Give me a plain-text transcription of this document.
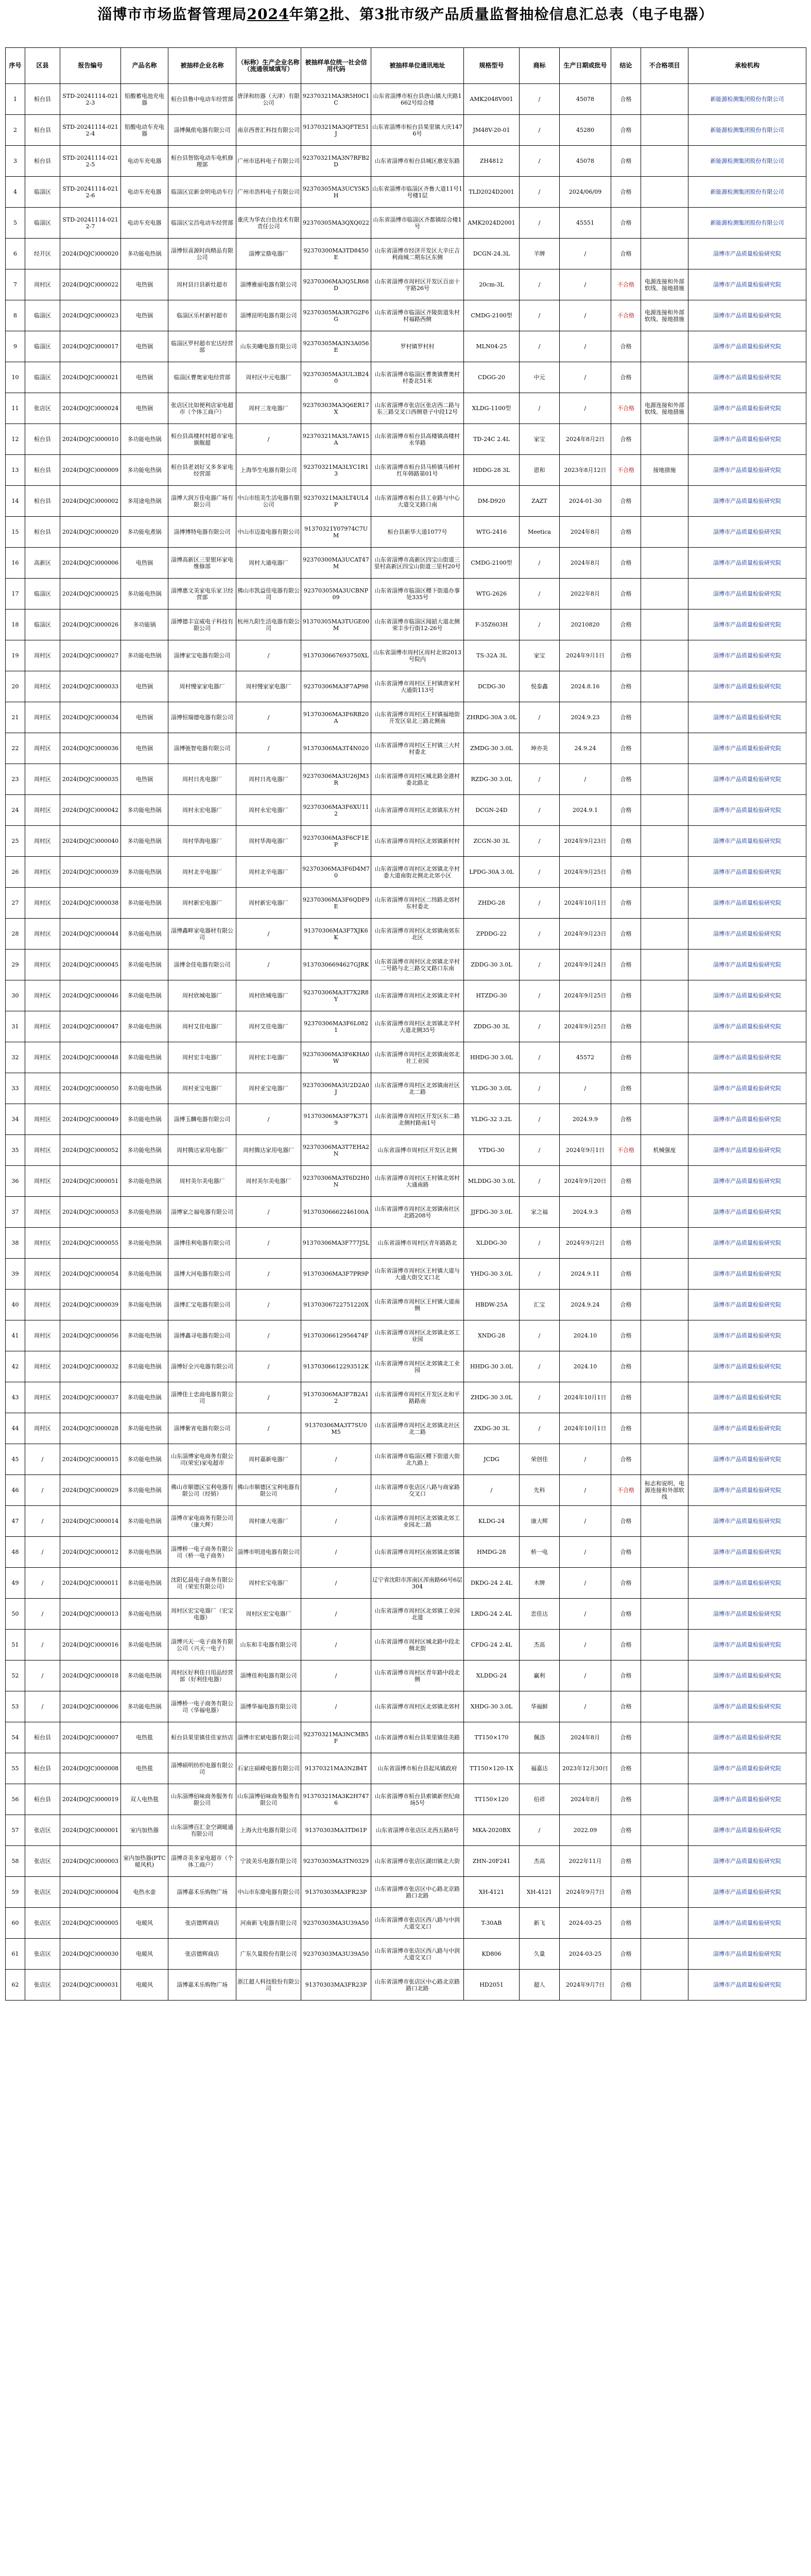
淄博市市场监督管理局2024年第2批、第3批市级产品质量监督抽检信息汇总表（电子电器）
序号	区县	报告编号	产品名称	被抽样企业名称	（标称）生产企业名称（流通领域填写）	被抽样单位统一社会信用代码	被抽样单位通讯地址	规格型号	商标	生产日期或批号	结论	不合格项目	承检机构
1	桓台县	STD-20241114-0212-3	铅酸蓄电池充电器	桓台县鲁中电动车经营部	唐泽和纺器（天津）有限公司	92370321MA3R5H0C1C	山东省淄博市桓台县唐山镇大庆路1662号综合楼	AMK2048V001	/	45078	合格		新能源检测集团股份有限公司
2	桓台县	STD-20241114-0212-4	铅酸电动车充电器	淄博佩侬电器有限公司	南京西普汇科技有限公司	91370321MA3QFTE51J	山东省淄博市桓台县果里镇大庆1476号	JM48V-20-01	/	45280	合格		新能源检测集团股份有限公司
3	桓台县	STD-20241114-0212-5	电动车充电器	桓台县智铭电动车电机修理部	广州市迅科电子有限公司	92370321MA3N7RFB2D	山东省淄博市桓台县城区惠安东路	ZH4812	/	45078	合格		新能源检测集团股份有限公司
4	临淄区	STD-20241114-0212-6	电动车充电器	临淄区宜新金明电动车行	广州市浩科电子有限公司	92370305MA3UCY5K5H	山东省淄博市临淄区齐鲁大道11号1号楼1层	TLD2024D2001	/	2024/06/09	合格		新能源检测集团股份有限公司
5	临淄区	STD-20241114-0212-7	电动车充电器	临淄区宝昌电动车经营部	重庆为华农白色技术有限责任公司	92370305MA3QXQ022	山东省淄博市临淄区齐都镇综合楼1号	AMK2024D2001	/	45551	合格		新能源检测集团股份有限公司
6	经开区	2024(DQJC)000020	多功能电热锅	淄博恒喜源时尚精品有限公司	淄博宝鼎电器厂	92370300MA3TD8450E	山东省淄博市经济开发区大辛庄吉利商城二期东区东侧	DCGN-24.3L	羊牌	/	合格		淄博市产品质量检验研究院
7	周村区	2024(DQJC)000022	电热锅	周村县日县新灶超市	淄博雅丽电器有限公司	92370306MA3Q5LR68D	山东省淄博市周村区开发区百亩十宇路26号	20cm-3L	/	/	不合格	电源连接和外部软线、接地措施	淄博市产品质量检验研究院
8	临淄区	2024(DQJC)000023	电热锅	临淄区乐村新村超市	淄博昆明电器有限公司	92370305MA3R7G2F6G	山东省淄博市临淄区齐陵街道朱村村福路西侧	CMDG-2100型	/	/	不合格	电源连接和外部软线、接地措施	淄博市产品质量检验研究院
9	临淄区	2024(DQJC)000017	电热锅	临淄区罗村超市宏达经营部	山东美曦电器有限公司	92370305MA3N3A056E	罗村镇罗村村	MLN04-25	/	/	合格		淄博市产品质量检验研究院
10	临淄区	2024(DQJC)000021	电热锅	临淄区曹奥家电经营部	周村区中元电器厂	92370305MA3UL3B240	山东省淄博市临淄区曹奥镇曹奥村村委北51米	CDGG-20	中元	/	合格		淄博市产品质量检验研究院
11	张店区	2024(DQJC)000024	电热锅	张店区比如便利店家电超市（个体工商户）	周村三龙电器厂	92370303MA3Q6ER17X	山东省淄博市张店区张店西二路与东三路交叉口西侧巷子中段12号	XLDG-1100型	/	/	不合格	电源连接和外部软线、接地措施	淄博市产品质量检验研究院
12	桓台县	2024(DQJC)000010	多功能电热锅	桓台县高楼村村超市家电旗舰超	/	92370321MA3L7AW15A	山东省淄博市桓台县高楼镇高楼村永华路	TD-24C 2.4L	家宝	2024年8月2日	合格		淄博市产品质量检验研究院
13	桓台县	2024(DQJC)000009	多功能电热锅	桓台县老刘好又多多家电经营部	上海华生电器有限公司	92370321MA3LYC1R13	山东省淄博市桓台县马桥镇马桥村红年韩路第01号	HDDG-28 3L	恩和	2023年8月12日	不合格	接地措施	淄博市产品质量检验研究院
14	桓台县	2024(DQJC)000002	多用途电热锅	淄博大润万佳电器广场有限公司	中山市纽美生活电器有限公司	92370321MA3LT4UL4P	山东省淄博市桓台县工业路与中心大道交叉路口南	DM-D920	ZAZT	2024-01-30	合格		淄博市产品质量检验研究院
15	桓台县	2024(DQJC)000020	多功能电煮锅	淄博博特电器有限公司	中山市迈盈电器有限公司	91370321Y07974C7UM	桓台县新华大道1077号	WTG-2416	Meetica	2024年8月	合格		淄博市产品质量检验研究院
16	高新区	2024(DQJC)000006	电热锅	淄博高新区三里银环家电维修部	周村大通电器厂	92370300MA3UCAT47M	山东省淄博市高新区四宝山街道三里村高新区四宝山街道三里村20号	CMDG-2100型	/	2024年8月	合格		淄博市产品质量检验研究院
17	临淄区	2024(DQJC)000025	多功能电热锅	淄博惠文美家电乐家卫经营部	佛山市凯益佳电器有限公司	92370305MA3UCBNP09	山东省淄博市临淄区稷下街道办事处335号	WTG-2626	/	2022年8月	合格		淄博市产品质量检验研究院
18	临淄区	2024(DQJC)000026	多功能锅	淄博德丰宣威电子科技有限公司	杭州九阳生活电器有限公司	91370305MA3TUGE00M	山东省淄博市临淄区闻韶大道北侧荣丰步行街12-26号	F-35Z603H	/	20210820	合格		淄博市产品质量检验研究院
19	周村区	2024(DQJC)000027	多功能电热锅	淄博家宝电器有限公司	/	9137030667693750XL	山东省淄博市周村区周村北郊2013号院内	TS-32A 3L	家宝	2024年9月1日	合格		淄博市产品质量检验研究院
20	周村区	2024(DQJC)000033	电热锅	周村慢家家电器厂	周村慢家家电器厂	92370306MA3F7AP98	山东省淄博市周村区王村镇唐家村大通街113号	DCDG-30	悦泰鑫	2024.8.16	合格		淄博市产品质量检验研究院
21	周村区	2024(DQJC)000034	电热锅	淄博恒瑞德电器有限公司	/	91370306MA3F6RB20A	山东省淄博市周村区王村镇福地街开发区泉北三路北侧南	ZHRDG-30A 3.0L	/	2024.9.23	合格		淄博市产品质量检验研究院
22	周村区	2024(DQJC)000036	电热锅	淄博弛智电器有限公司	/	91370306MA3T4N020	山东省淄博市周村区王村镇三大村村委北	ZMDG-30 3.0L	坤亦美	24.9.24	合格		淄博市产品质量检验研究院
23	周村区	2024(DQJC)000035	电热锅	周村日兆电器厂	周村日兆电器厂	92370306MA3U26JM3R	山东省淄博市周村区城北路金港村委北路北	RZDG-30 3.0L	/	/	合格		淄博市产品质量检验研究院
24	周村区	2024(DQJC)000042	多功能电热锅	周村永宏电器厂	周村永宏电器厂	92370306MA3F6XU112	山东省淄博市周村区北郊镇东方村	DCGN-24D	/	2024.9.1	合格		淄博市产品质量检验研究院
25	周村区	2024(DQJC)000040	多功能电热锅	周村华海电器厂	周村华海电器厂	92370306MA3F6CF1EP	山东省淄博市周村区北郊镇新村村	ZCGN-30 3L	/	2024年9月23日	合格		淄博市产品质量检验研究院
26	周村区	2024(DQJC)000039	多功能电热锅	周村北辛电器厂	周村北辛电器厂	92370306MA3F6D4M70	山东省淄博市周村区北郊镇北辛村委大道南街北侧北北郊小区	LPDG-30A 3.0L	/	2024年9月25日	合格		淄博市产品质量检验研究院
27	周村区	2024(DQJC)000038	多功能电热锅	周村新宏电器厂	周村新宏电器厂	92370306MA3F6QDF9E	山东省淄博市周村区二纬路北郊村东村委北	ZHDG-28	/	2024年10月1日	合格		淄博市产品质量检验研究院
28	周村区	2024(DQJC)000044	多功能电热锅	淄博鑫畔家电器材有限公司	/	91370306MA3F7XJK6K	山东省淄博市周村区北郊镇南郊东北区	ZPDDG-22	/	2024年9月23日	合格		淄博市产品质量检验研究院
29	周村区	2024(DQJC)000045	多功能电热锅	淄博金佳电器有限公司	/	91370306694627GJRK	山东省淄博市周村区北郊镇北辛村二号路与北三路交叉路口东南	ZDDG-30 3.0L	/	2024年9月24日	合格		淄博市产品质量检验研究院
30	周村区	2024(DQJC)000046	多功能电热锅	周村欣城电器厂	周村欣城电器厂	92370306MA3T7X2R8Y	山东省淄博市周村区北郊镇北辛村	HTZDG-30	/	2024年9月25日	合格		淄博市产品质量检验研究院
31	周村区	2024(DQJC)000047	多功能电热锅	周村艾佳电器厂	周村艾佳电器厂	92370306MA3F6L0821	山东省淄博市周村区北郊镇北辛村大道北侧35号	ZDDG-30 3L	/	2024年9月25日	合格		淄博市产品质量检验研究院
32	周村区	2024(DQJC)000048	多功能电热锅	周村宏丰电器厂	周村宏丰电器厂	92370306MA3F6KHA0W	山东省淄博市周村区北郊镇南郊北社工业园	HHDG-30 3.0L	/	45572	合格		淄博市产品质量检验研究院
33	周村区	2024(DQJC)000050	多功能电热锅	周村亚宝电器厂	周村亚宝电器厂	92370306MA3U2D2A0J	山东省淄博市周村区北郊镇南社区北二路	YLDG-30 3.0L	/	/	合格		淄博市产品质量检验研究院
34	周村区	2024(DQJC)000049	多功能电热锅	淄博玉麟电器有限公司	/	91370306MA3F7K3719	山东省淄博市周村区开发区东二路北侧村路南1号	YLDG-32 3.2L	/	2024.9.9	合格		淄博市产品质量检验研究院
35	周村区	2024(DQJC)000052	多功能电热锅	周村腾达家用电器厂	周村腾达家用电器厂	92370306MA3T7EHA2N	山东省淄博市周村区开发区北侧	YTDG-30	/	2024年9月1日	不合格	机械强度	淄博市产品质量检验研究院
36	周村区	2024(DQJC)000051	多功能电热锅	周村美尔美电器厂	周村美尔美电器厂	92370306MA3T6D2H0N	山东省淄博市周村区王村镇北郊村大通南路	MLDDG-30 3.0L	/	2024年9月20日	合格		淄博市产品质量检验研究院
37	周村区	2024(DQJC)000053	多功能电热锅	淄博家之福电器有限公司	/	91370306662246100A	山东省淄博市周村区北郊镇南社区北路208号	JJFDG-30 3.0L	家之福	2024.9.3	合格		淄博市产品质量检验研究院
38	周村区	2024(DQJC)000055	多功能电热锅	淄博佳利电器有限公司	/	91370306MA3F777J5L	山东省淄博市周村区青年路路北	XLDDG-30	/	2024年9月2日	合格		淄博市产品质量检验研究院
39	周村区	2024(DQJC)000054	多功能电热锅	淄博大河电器有限公司	/	91370306MA3F7PR9P	山东省淄博市周村区王村镇大道与大通大街交叉口北	YHDG-30 3.0L	/	2024.9.11	合格		淄博市产品质量检验研究院
40	周村区	2024(DQJC)000039	多功能电热锅	淄博汇宝电器有限公司	/	91370306722751220X	山东省淄博市周村区王村镇大道南侧	HBDW-25A	汇宝	2024.9.24	合格		淄博市产品质量检验研究院
41	周村区	2024(DQJC)000056	多功能电热锅	淄博鑫寻电器有限公司	/	91370306612956474F	山东省淄博市周村区北郊镇北郊工业园	XNDG-28	/	2024.10	合格		淄博市产品质量检验研究院
42	周村区	2024(DQJC)000032	多功能电热锅	淄博好全兴电器有限公司	/	91370306612293512K	山东省淄博市周村区北郊镇北工业园	HHDG-30 3.0L	/	2024.10	合格		淄博市产品质量检验研究院
43	周村区	2024(DQJC)000037	多功能电热锅	淄博佳士忠商电器有限公司	/	91370306MA3F7B2A12	山东省淄博市周村区开发区北和平路路南	ZHDG-30 3.0L	/	2024年10月1日	合格		淄博市产品质量检验研究院
44	周村区	2024(DQJC)000028	多功能电热锅	淄博紫宵电器有限公司	/	91370306MA3T7SU0M5	山东省淄博市周村区北郊镇北社区北二路	ZXDG-30 3L	/	2024年10月1日	合格		淄博市产品质量检验研究院
45	/	2024(DQJC)000015	多功能电热锅	山东淄博家电商务有限公司(荣宏)家电超市	周村嘉新电器厂	/	山东省淄博市临淄区稷下街道大街北九路上	JCDG	荣创佳	/	合格		淄博市产品质量检验研究院
46	/	2024(DQJC)000029	多功能电热锅	佛山市顺德区宝利电器有限公司（经销）	佛山市顺德区宝利电器有限公司	/	山东省淄博市张店区八路与商家路交叉口	/	先科	/	不合格	标志和说明、电源连接和外部软线	淄博市产品质量检验研究院
47	/	2024(DQJC)000014	多功能电热锅	淄博市家电商务有限公司（康大辉）	周村康大电器厂	/	山东省淄博市周村区北郊镇北郊工业园北二路	KLDG-24	康大辉	/	合格		淄博市产品质量检验研究院
48	/	2024(DQJC)000012	多功能电热锅	淄博桥一电子商务有限公司（桥一电子商务）	淄博市明进电器有限公司	/	山东省淄博市周村区南郊镇北郊镇	HMDG-28	桥一电	/	合格		淄博市产品质量检验研究院
49	/	2024(DQJC)000011	多功能电热锅	沈阳亿晨电子商务有限公司（荣宏有限公司）	周村宏宝电器厂	/	辽宁省沈阳市浑南区浑南路66号6层304	DKDG-24 2.4L	木牌	/	合格		淄博市产品质量检验研究院
50	/	2024(DQJC)000013	多功能电热锅	周村区宏宝电器厂（宏宝电器）	周村区宏宝电器厂	/	山东省淄博市周村区北郊镇工业园北道	LRDG-24 2.4L	恋佳达	/	合格		淄博市产品质量检验研究院
51	/	2024(DQJC)000016	多功能电热锅	淄博兴天一电子商务有限公司（兴天一电子）	山东和丰电器有限公司	/	山东省淄博市周村区城北路中段北侧北街	CFDG-24 2.4L	杰高	/	合格		淄博市产品质量检验研究院
52	/	2024(DQJC)000018	多功能电热锅	周村区好利佳日用品经营部（好利佳电器）	淄博佳利电器有限公司	/	山东省淄博市周村区青年路中段北侧	XLDDG-24	赢利	/	合格		淄博市产品质量检验研究院
53	/	2024(DQJC)000006	多功能电热锅	淄博桥一电子商务有限公司（华福电器）	淄博华福电器有限公司	/	山东省淄博市周村区北郊镇北郊村	XHDG-30 3.0L	华福鲜	/	合格		淄博市产品质量检验研究院
54	桓台县	2024(DQJC)000007	电热毯	桓台县果里镇佳佳家纺店	淄博市宏斌电器有限公司	92370321MA3NCMB5F	山东省淄博市桓台县果里镇佳美路	TT150×170	佩洛	2024年8月	合格		淄博市产品质量检验研究院
55	桓台县	2024(DQJC)000008	电热毯	淄博硕明纺织电器有限公司	石家庄硕嵘电器有限公司	91370321MA3N2B4T	山东省淄博市桓台县起凤镇政府	TT150×120-1X	福嘉达	2023年12月30日	合格		淄博市产品质量检验研究院
56	桓台县	2024(DQJC)000019	双人电热毯	山东淄博佰味商务服务有限公司	山东淄博佰味商务服务有限公司	91370321MA3K2H7476	山东省淄博市桓台县索镇新世纪商场5号	TT150×120	伯祥	2024年8月	合格		淄博市产品质量检验研究院
57	张店区	2024(DQJC)000001	室内加热器	山东淄博百汇金空调暖通有限公司	上海火仕电器有限公司	91370303MA3TD61P	山东省淄博市张店区北西五路8号	MKA-2020BX	/	2022.09	合格		淄博市产品质量检验研究院
58	张店区	2024(DQJC)000003	室内加热器(PTC暖风机)	淄博奇美多家电超市（个体工商户）	宁波美乐电器有限公司	92370303MA3TN0329	山东省淄博市张店区湖田镇北大街	ZHN-20F241	杰高	2022年11月	合格		淄博市产品质量检验研究院
59	张店区	2024(DQJC)000004	电热水壶	淄博嘉禾乐购物广场	中山市东鼎电器有限公司	91370303MA3FR23P	山东省淄博市张店区中心路北京路路口北路	XH-4121	XH-4121	2024年9月7日	合格		淄博市产品质量检验研究院
60	张店区	2024(DQJC)000005	电暖风	张店德辉商店	河南新飞电器有限公司	92370303MA3U39A50	山东省淄博市张店区西八路与中润大道交叉口	T-30AB	新飞	2024-03-25	合格		淄博市产品质量检验研究院
61	张店区	2024(DQJC)000030	电暖风	张店德辉商店	广东久量股份有限公司	92370303MA3U39A50	山东省淄博市张店区西八路与中润大道交叉口	KD806	久量	2024-03-25	合格		淄博市产品质量检验研究院
62	张店区	2024(DQJC)000031	电暖风	淄博嘉禾乐购物广场	浙江超人科技股份有限公司	91370303MA3FR23P	山东省淄博市张店区中心路北京路路口北路	HD2051	超人	2024年9月7日	合格		淄博市产品质量检验研究院
